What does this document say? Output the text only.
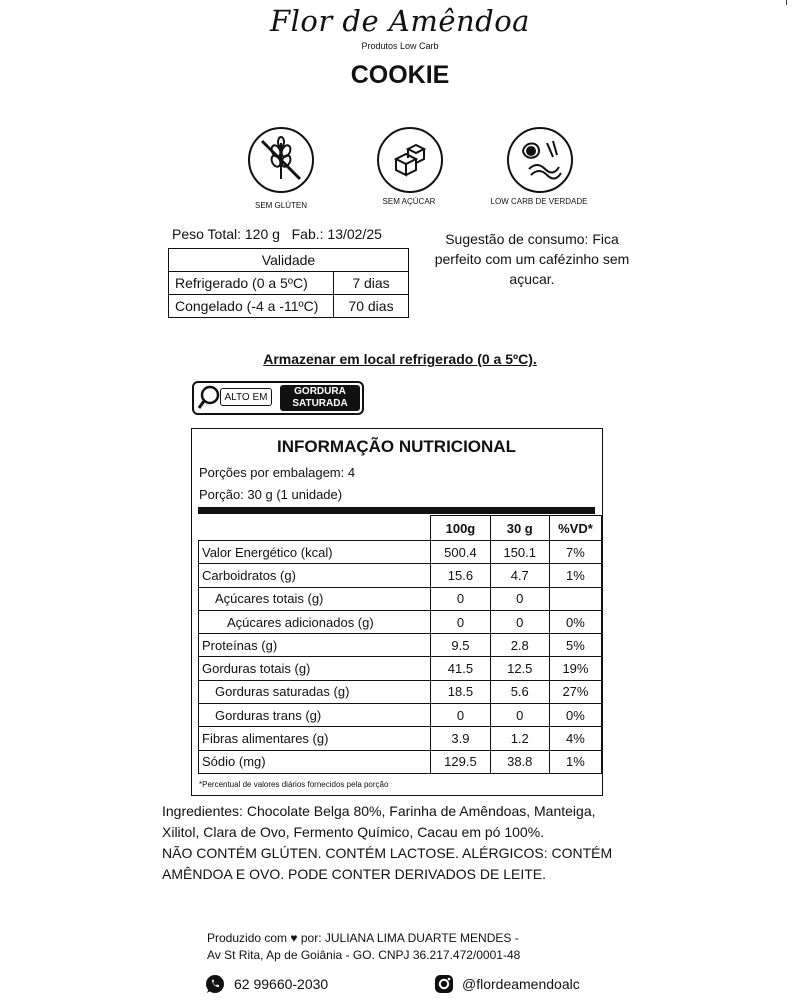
Flor de Amêndoa
Produtos Low Carb
COOKIE
SEM GLÚTEN	SEM AÇÚCAR	LOW CARB DE VERDADE
Peso Total: 120 g Fab.: 13/02/25
Validade	
Refrigerado (0 a 5ºC)	7 dias
Congelado (-4 a -11ºC)	70 dias
Sugestão de consumo: Fica perfeito com um cafézinho sem açucar.
Armazenar em local refrigerado (0 a 5ºC).
ALTO EM
GORDURA
SATURADA
INFORMAÇÃO NUTRICIONAL
Porções por embalagem: 4
Porção: 30 g (1 unidade)
	100g	30 g	%VD*
Valor Energético (kcal)	500.4	150.1	7%
Carboidratos (g)	15.6	4.7	1%
Açúcares totais (g)	0	0	
Açúcares adicionados (g)	0	0	0%
Proteínas (g)	9.5	2.8	5%
Gorduras totais (g)	41.5	12.5	19%
Gorduras saturadas (g)	18.5	5.6	27%
Gorduras trans (g)	0	0	0%
Fibras alimentares (g)	3.9	1.2	4%
Sódio (mg)	129.5	38.8	1%
*Percentual de valores diários fornecidos pela porção
Ingredientes: Chocolate Belga 80%, Farinha de Amêndoas, Manteiga,
Xilitol, Clara de Ovo, Fermento Químico, Cacau em pó 100%.
NÃO CONTÉM GLÚTEN. CONTÉM LACTOSE. ALÉRGICOS: CONTÉM
AMÊNDOA E OVO. PODE CONTER DERIVADOS DE LEITE.
Produzido com ♥ por: JULIANA LIMA DUARTE MENDES -
Av St Rita, Ap de Goiânia - GO. CNPJ 36.217.472/0001-48
62 99660-2030	@flordeamendoalc
